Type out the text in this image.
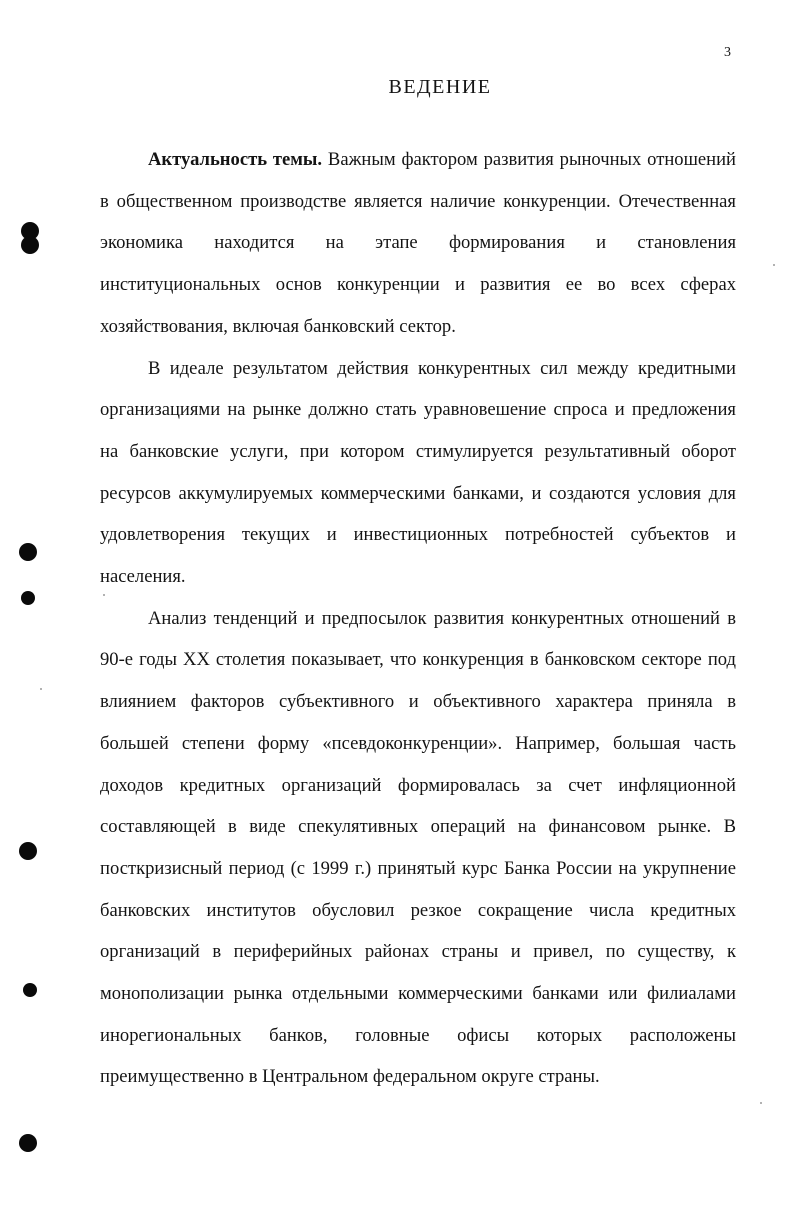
3
ВЕДЕНИЕ

Актуальность темы. Важным фактором развития рыночных отношений в общественном производстве является наличие конкуренции. Отечественная экономика находится на этапе формирования и становления институциональных основ конкуренции и развития ее во всех сферах хозяйствования, включая банковский сектор.

В идеале результатом действия конкурентных сил между кредитными организациями на рынке должно стать уравновешение спроса и предложения на банковские услуги, при котором стимулируется результативный оборот ресурсов аккумулируемых коммерческими банками, и создаются условия для удовлетворения текущих и инвестиционных потребностей субъектов и населения.

Анализ тенденций и предпосылок развития конкурентных отношений в 90-е годы XX столетия показывает, что конкуренция в банковском секторе под влиянием факторов субъективного и объективного характера приняла в большей степени форму «псевдоконкуренции». Например, большая часть доходов кредитных организаций формировалась за счет инфляционной составляющей в виде спекулятивных операций на финансовом рынке. В посткризисный период (с 1999 г.) принятый курс Банка России на укрупнение банковских институтов обусловил резкое сокращение числа кредитных организаций в периферийных районах страны и привел, по существу, к монополизации рынка отдельными коммерческими банками или филиалами инорегиональных банков, головные офисы которых расположены преимущественно в Центральном федеральном округе страны.
